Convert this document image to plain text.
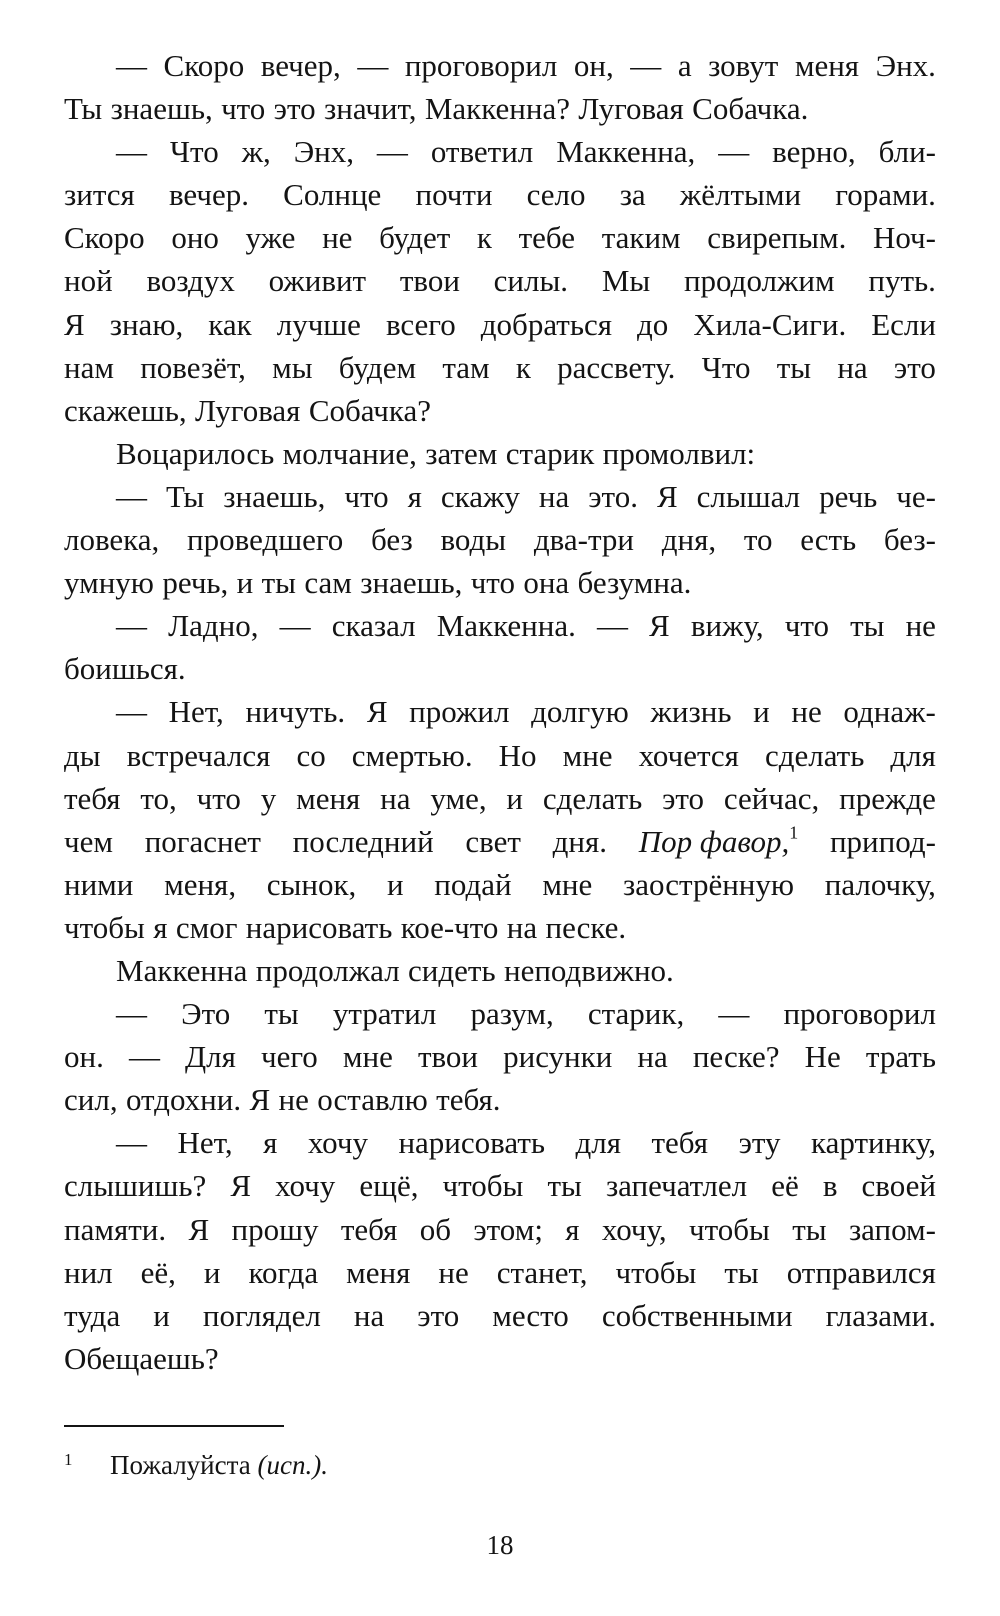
— Скоро вечер, — проговорил он, — а зовут меня Энх.
Ты знаешь, что это значит, Маккенна? Луговая Собачка.
— Что ж, Энх, — ответил Маккенна, — верно, бли-
зится вечер. Солнце почти село за жёлтыми горами.
Скоро оно уже не будет к тебе таким свирепым. Ноч-
ной воздух оживит твои силы. Мы продолжим путь.
Я знаю, как лучше всего добраться до Хила-Сиги. Если
нам повезёт, мы будем там к рассвету. Что ты на это
скажешь, Луговая Собачка?
Воцарилось молчание, затем старик промолвил:
— Ты знаешь, что я скажу на это. Я слышал речь че-
ловека, проведшего без воды два-три дня, то есть без-
умную речь, и ты сам знаешь, что она безумна.
— Ладно, — сказал Маккенна. — Я вижу, что ты не
боишься.
— Нет, ничуть. Я прожил долгую жизнь и не однаж-
ды встречался со смертью. Но мне хочется сделать для
тебя то, что у меня на уме, и сделать это сейчас, прежде
чем погаснет последний свет дня. Пор фавор,$^1$ припод-
ними меня, сынок, и подай мне заострённую палочку,
чтобы я смог нарисовать кое-что на песке.
Маккенна продолжал сидеть неподвижно.
— Это ты утратил разум, старик, — проговорил
он. — Для чего мне твои рисунки на песке? Не трать
сил, отдохни. Я не оставлю тебя.
— Нет, я хочу нарисовать для тебя эту картинку,
слышишь? Я хочу ещё, чтобы ты запечатлел её в своей
памяти. Я прошу тебя об этом; я хочу, чтобы ты запом-
нил её, и когда меня не станет, чтобы ты отправился
туда и поглядел на это место собственными глазами.
Обещаешь?
1 Пожалуйста (исп.).
18
